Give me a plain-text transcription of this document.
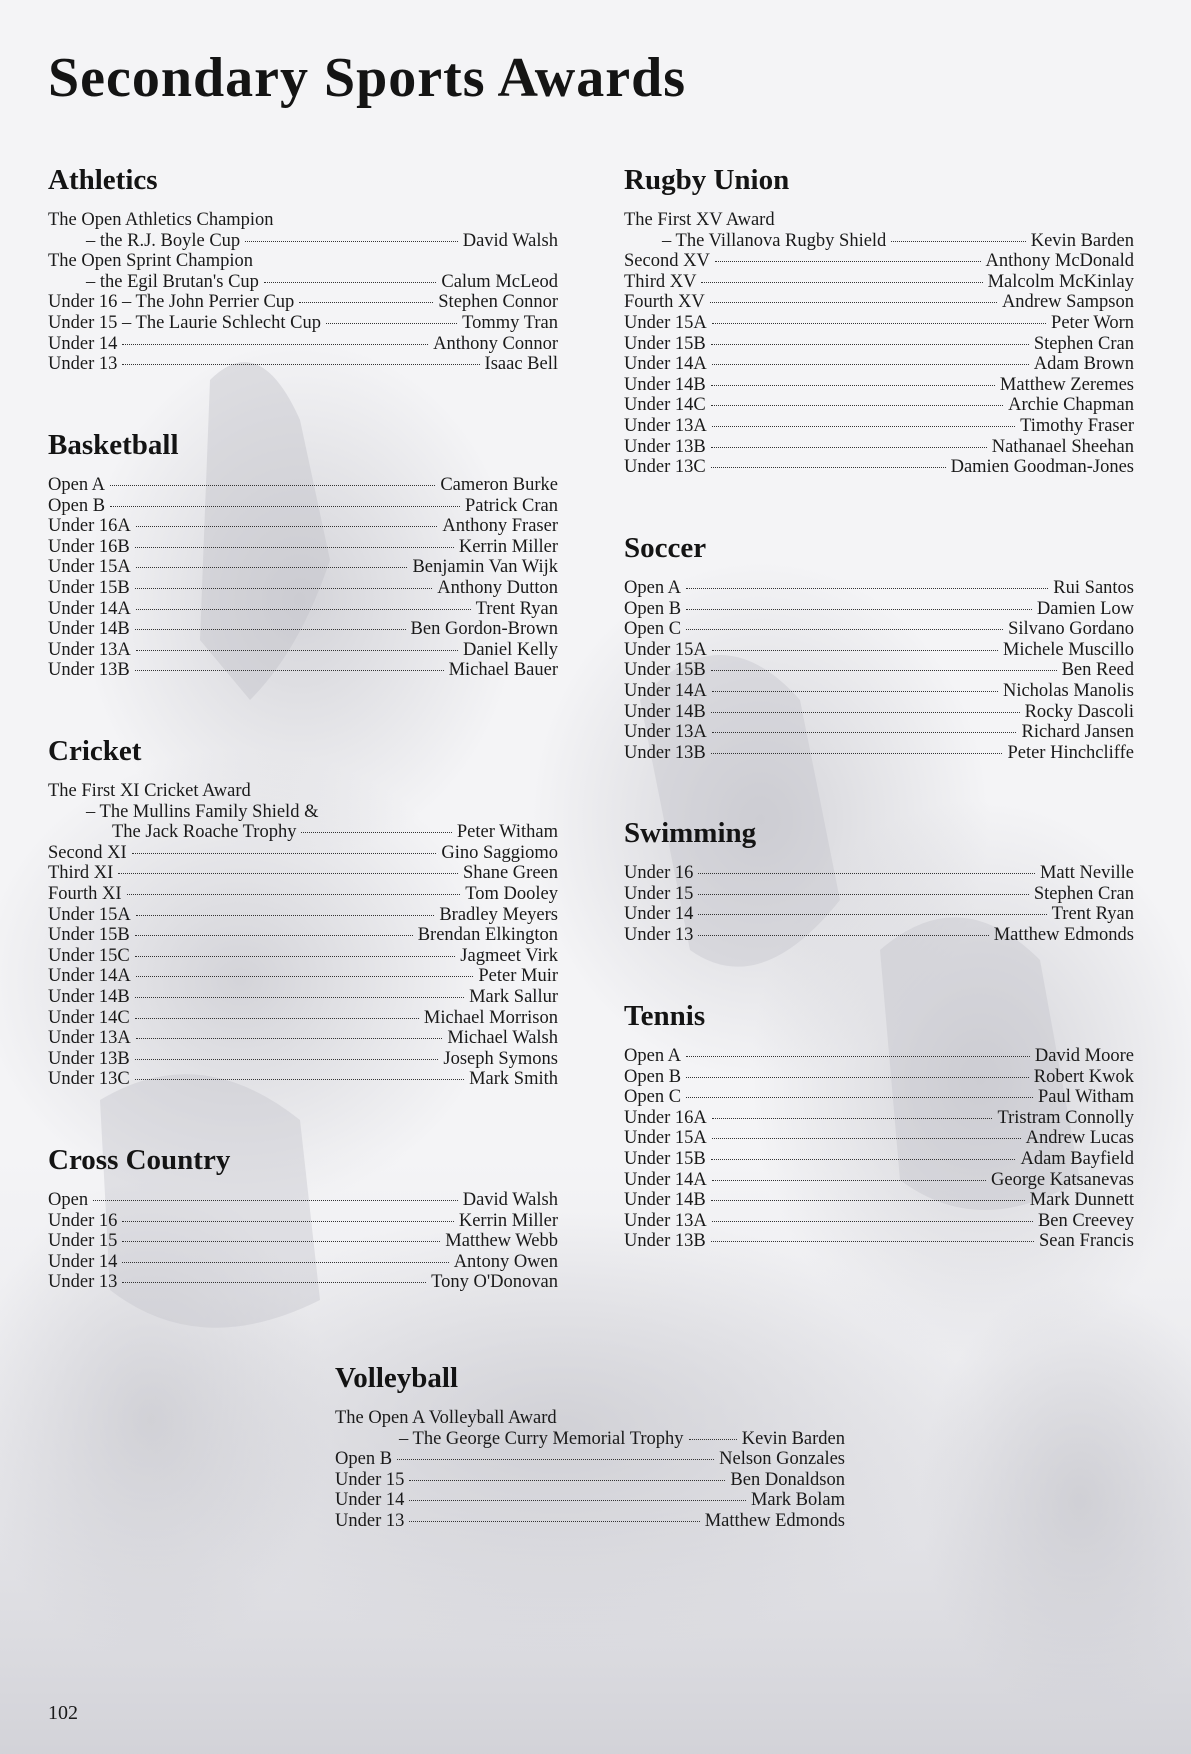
Secondary Sports Awards
Athletics
The Open Athletics Champion
– the R.J. Boyle Cup	David Walsh
The Open Sprint Champion
– the Egil Brutan's Cup	Calum McLeod
Under 16 – The John Perrier Cup	Stephen Connor
Under 15 – The Laurie Schlecht Cup	Tommy Tran
Under 14	Anthony Connor
Under 13	Isaac Bell
Basketball
Open A	Cameron Burke
Open B	Patrick Cran
Under 16A	Anthony Fraser
Under 16B	Kerrin Miller
Under 15A	Benjamin Van Wijk
Under 15B	Anthony Dutton
Under 14A	Trent Ryan
Under 14B	Ben Gordon-Brown
Under 13A	Daniel Kelly
Under 13B	Michael Bauer
Cricket
The First XI Cricket Award
– The Mullins Family Shield &
The Jack Roache Trophy	Peter Witham
Second XI	Gino Saggiomo
Third XI	Shane Green
Fourth XI	Tom Dooley
Under 15A	Bradley Meyers
Under 15B	Brendan Elkington
Under 15C	Jagmeet Virk
Under 14A	Peter Muir
Under 14B	Mark Sallur
Under 14C	Michael Morrison
Under 13A	Michael Walsh
Under 13B	Joseph Symons
Under 13C	Mark Smith
Cross Country
Open	David Walsh
Under 16	Kerrin Miller
Under 15	Matthew Webb
Under 14	Antony Owen
Under 13	Tony O'Donovan
Rugby Union
The First XV Award
– The Villanova Rugby Shield	Kevin Barden
Second XV	Anthony McDonald
Third XV	Malcolm McKinlay
Fourth XV	Andrew Sampson
Under 15A	Peter Worn
Under 15B	Stephen Cran
Under 14A	Adam Brown
Under 14B	Matthew Zeremes
Under 14C	Archie Chapman
Under 13A	Timothy Fraser
Under 13B	Nathanael Sheehan
Under 13C	Damien Goodman-Jones
Soccer
Open A	Rui Santos
Open B	Damien Low
Open C	Silvano Gordano
Under 15A	Michele Muscillo
Under 15B	Ben Reed
Under 14A	Nicholas Manolis
Under 14B	Rocky Dascoli
Under 13A	Richard Jansen
Under 13B	Peter Hinchcliffe
Swimming
Under 16	Matt Neville
Under 15	Stephen Cran
Under 14	Trent Ryan
Under 13	Matthew Edmonds
Tennis
Open A	David Moore
Open B	Robert Kwok
Open C	Paul Witham
Under 16A	Tristram Connolly
Under 15A	Andrew Lucas
Under 15B	Adam Bayfield
Under 14A	George Katsanevas
Under 14B	Mark Dunnett
Under 13A	Ben Creevey
Under 13B	Sean Francis
Volleyball
The Open A Volleyball Award
– The George Curry Memorial Trophy	Kevin Barden
Open B	Nelson Gonzales
Under 15	Ben Donaldson
Under 14	Mark Bolam
Under 13	Matthew Edmonds
102
